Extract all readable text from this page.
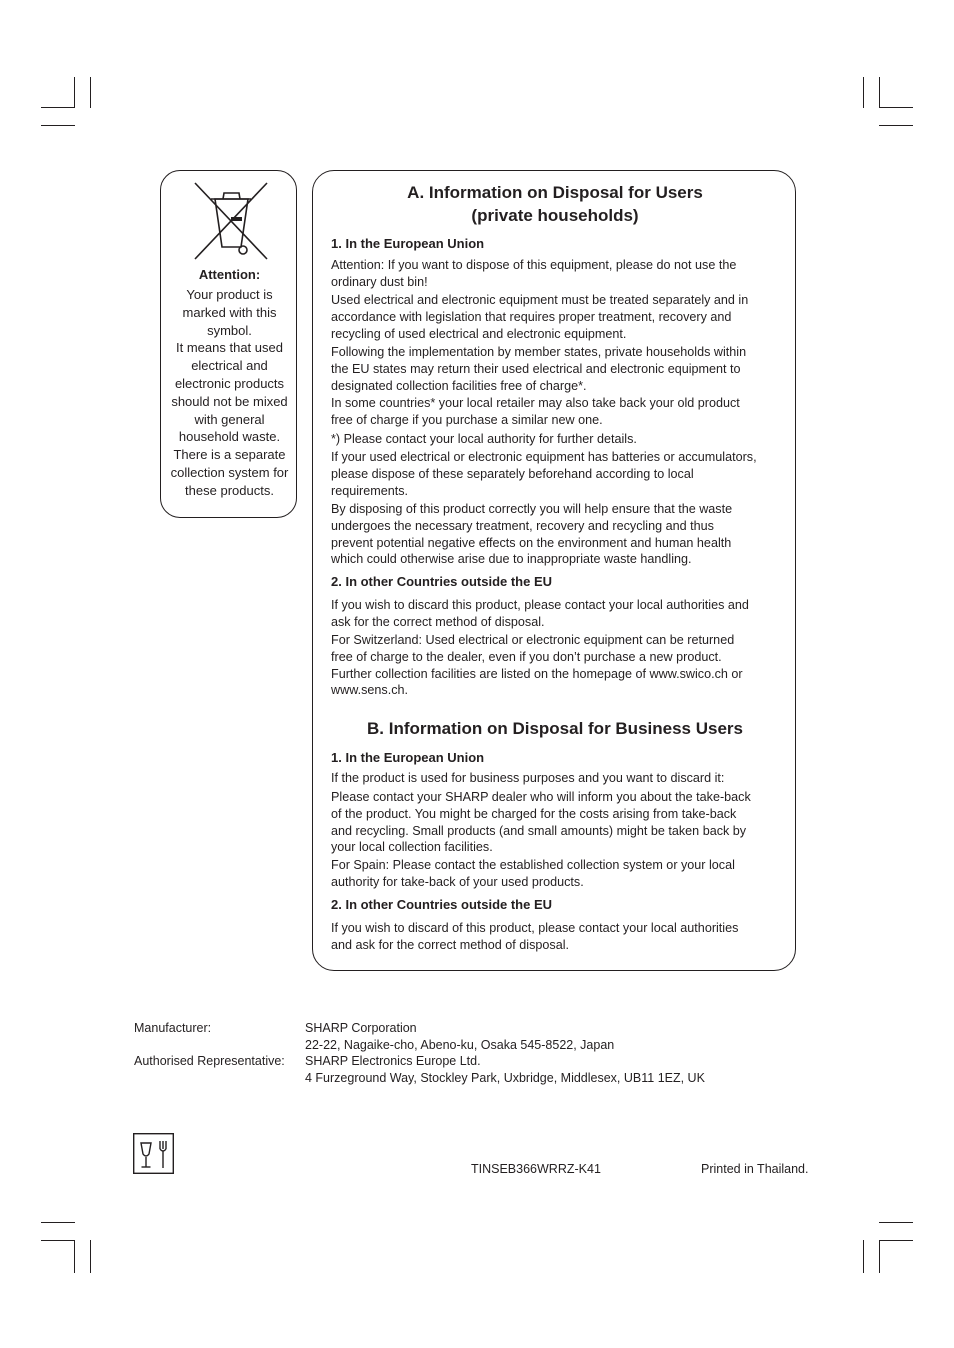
Attention:
Your product is
marked with this
symbol.
It means that used
electrical and
electronic products
should not be mixed
with general
household waste.
There is a separate
collection system for
these products.
A. Information on Disposal for Users
(private households)
1. In the European Union
Attention: If you want to dispose of this equipment, please do not use the
ordinary dust bin!
Used electrical and electronic equipment must be treated separately and in
accordance with legislation that requires proper treatment, recovery and
recycling of used electrical and electronic equipment.
Following the implementation by member states, private households within
the EU states may return their used electrical and electronic equipment to
designated collection facilities free of charge*.
In some countries* your local retailer may also take back your old product
free of charge if you purchase a similar new one.
*) Please contact your local authority for further details.
If your used electrical or electronic equipment has batteries or accumulators,
please dispose of these separately beforehand according to local
requirements.
By disposing of this product correctly you will help ensure that the waste
undergoes the necessary treatment, recovery and recycling and thus
prevent potential negative effects on the environment and human health
which could otherwise arise due to inappropriate waste handling.
2. In other Countries outside the EU
If you wish to discard this product, please contact your local authorities and
ask for the correct method of disposal.
For Switzerland: Used electrical or electronic equipment can be returned
free of charge to the dealer, even if you don’t purchase a new product.
Further collection facilities are listed on the homepage of www.swico.ch or
www.sens.ch.
B. Information on Disposal for Business Users
1. In the European Union
If the product is used for business purposes and you want to discard it:
Please contact your SHARP dealer who will inform you about the take-back
of the product. You might be charged for the costs arising from take-back
and recycling. Small products (and small amounts) might be taken back by
your local collection facilities.
For Spain: Please contact the established collection system or your local
authority for take-back of your used products.
2. In other Countries outside the EU
If you wish to discard of this product, please contact your local authorities
and ask for the correct method of disposal.
Manufacturer:	SHARP Corporation
22-22, Nagaike-cho, Abeno-ku, Osaka 545-8522, Japan
Authorised Representative: SHARP Electronics Europe Ltd.
4 Furzeground Way, Stockley Park, Uxbridge, Middlesex, UB11 1EZ, UK
TINSEB366WRRZ-K41	Printed in Thailand.
